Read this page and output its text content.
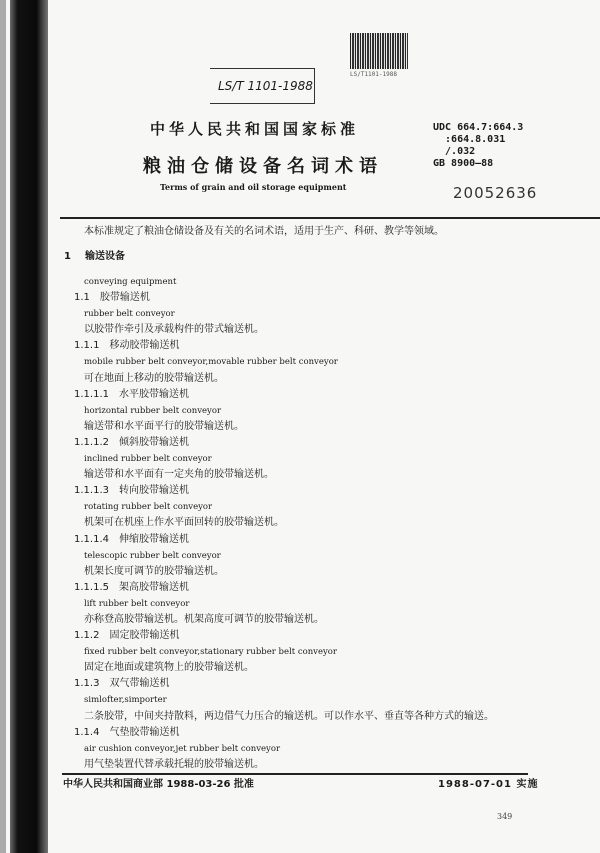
LS/T 1101-1988
LS/T1101-1988
中华人民共和国国家标准
粮油仓储设备名词术语
Terms of grain and oil storage equipment
UDC 664.7:664.3
:664.8.031
/.032
GB 8900—88
20052636
本标准规定了粮油仓储设备及有关的名词术语，适用于生产、科研、教学等领域。
1 输送设备
conveying equipment
1.1 胶带输送机
rubber belt conveyor
以胶带作牵引及承载构件的带式输送机。
1.1.1 移动胶带输送机
mobile rubber belt conveyor,movable rubber belt conveyor
可在地面上移动的胶带输送机。
1.1.1.1 水平胶带输送机
horizontal rubber belt conveyor
输送带和水平面平行的胶带输送机。
1.1.1.2 倾斜胶带输送机
inclined rubber belt conveyor
输送带和水平面有一定夹角的胶带输送机。
1.1.1.3 转向胶带输送机
rotating rubber belt conveyor
机架可在机座上作水平面回转的胶带输送机。
1.1.1.4 伸缩胶带输送机
telescopic rubber belt conveyor
机架长度可调节的胶带输送机。
1.1.1.5 架高胶带输送机
lift rubber belt conveyor
亦称登高胶带输送机。机架高度可调节的胶带输送机。
1.1.2 固定胶带输送机
fixed rubber belt conveyor,stationary rubber belt conveyor
固定在地面或建筑物上的胶带输送机。
1.1.3 双气带输送机
simlofter,simporter
二条胶带，中间夹持散料，两边借气力压合的输送机。可以作水平、垂直等各种方式的输送。
1.1.4 气垫胶带输送机
air cushion conveyor,jet rubber belt conveyor
用气垫装置代替承载托辊的胶带输送机。
中华人民共和国商业部 1988-03-26 批准	1988-07-01 实施
349
